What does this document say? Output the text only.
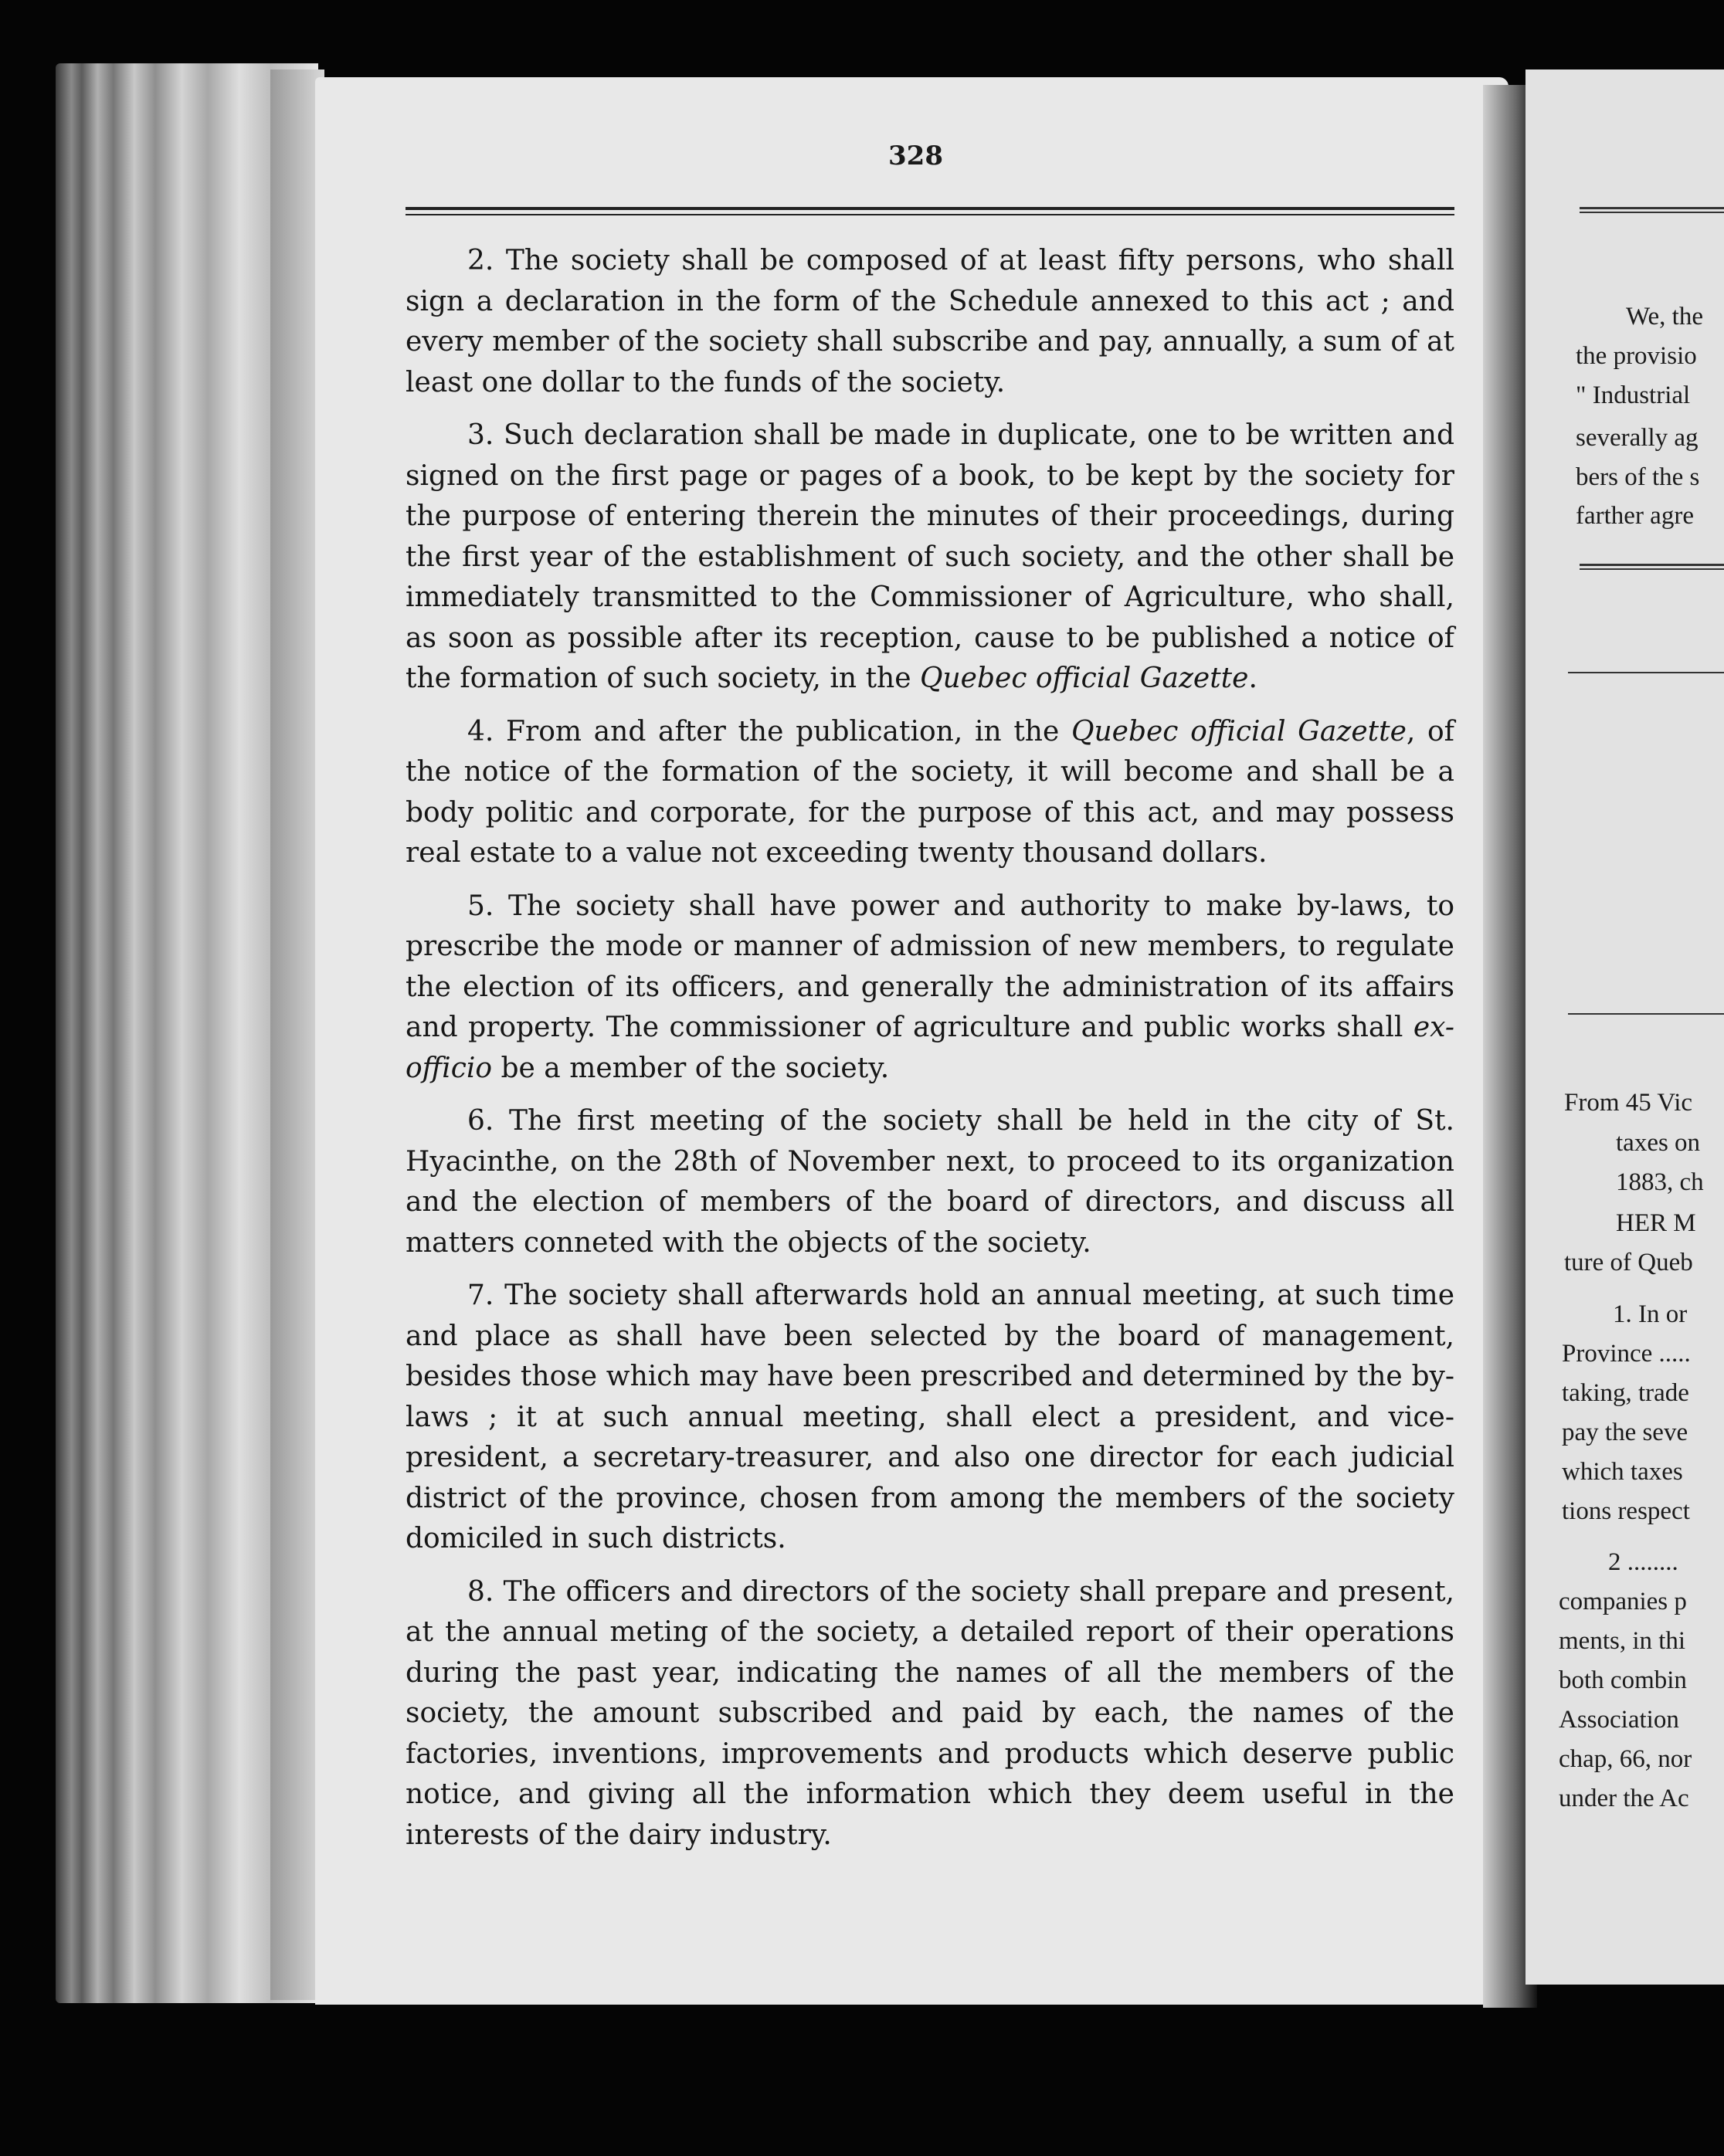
328

2. The society shall be composed of at least fifty persons, who shall sign a declaration in the form of the Schedule annexed to this act ; and every member of the society shall subscribe and pay, annually, a sum of at least one dollar to the funds of the society.

3. Such declaration shall be made in duplicate, one to be written and signed on the first page or pages of a book, to be kept by the society for the purpose of entering therein the minutes of their proceedings, during the first year of the establishment of such society, and the other shall be immediately transmitted to the Commissioner of Agriculture, who shall, as soon as possible after its reception, cause to be published a notice of the formation of such society, in the Quebec official Gazette.

4. From and after the publication, in the Quebec official Gazette, of the notice of the formation of the society, it will become and shall be a body politic and corporate, for the purpose of this act, and may possess real estate to a value not exceeding twenty thousand dollars.

5. The society shall have power and authority to make by-laws, to prescribe the mode or manner of admission of new members, to regulate the election of its officers, and generally the administration of its affairs and property. The commissioner of agriculture and public works shall ex-officio be a member of the society.

6. The first meeting of the society shall be held in the city of St. Hyacinthe, on the 28th of November next, to proceed to its organization and the election of members of the board of directors, and discuss all matters conneted with the objects of the society.

7. The society shall afterwards hold an annual meeting, at such time and place as shall have been selected by the board of management, besides those which may have been prescribed and determined by the by-laws ; it at such annual meeting, shall elect a president, and vice-president, a secretary-treasurer, and also one director for each judicial district of the province, chosen from among the members of the society domiciled in such districts.

8. The officers and directors of the society shall prepare and present, at the annual meting of the society, a detailed report of their operations during the past year, indicating the names of all the members of the society, the amount subscribed and paid by each, the names of the factories, inventions, improvements and products which deserve public notice, and giving all the information which they deem useful in the interests of the dairy industry.

We, the
the provisio
" Industrial
severally ag
bers of the s
farther agre
From 45 Vic
taxes on
1883, ch
HER M
ture of Queb
1. In or
Province .....
taking, trade
pay the seve
which taxes
tions respect
2 ........
companies p
ments, in thi
both combin
Association
chap, 66, nor
under the Ac
